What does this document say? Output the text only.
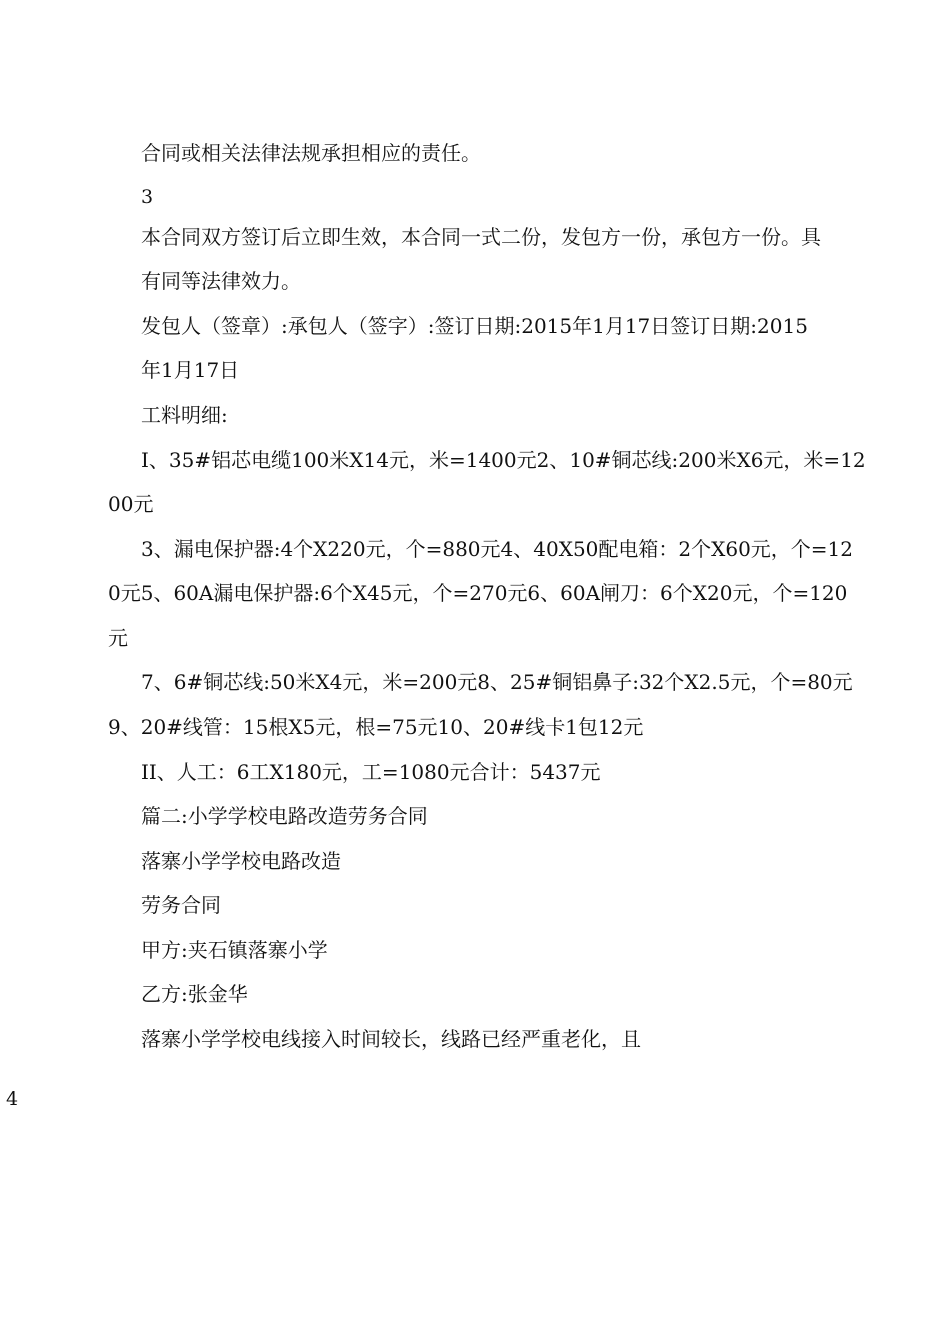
合同或相关法律法规承担相应的责任。

3

本合同双方签订后立即生效，本合同一式二份，发包方一份，承包方一份。具

有同等法律效力。

发包人（签章）:承包人（签字）:签订日期:2015年1月17日签订日期:2015

年1月17日

工料明细:

I、35#铝芯电缆100米X14元，米=1400元2、10#铜芯线:200米X6元，米=12

00元

3、漏电保护器:4个X220元，个=880元4、40X50配电箱：2个X60元，个=12

0元5、60A漏电保护器:6个X45元，个=270元6、60A闸刀：6个X20元，个=120

元

7、6#铜芯线:50米X4元，米=200元8、25#铜铝鼻子:32个X2.5元，个=80元

9、20#线管：15根X5元，根=75元10、20#线卡1包12元

II、人工：6工X180元，工=1080元合计：5437元

篇二:小学学校电路改造劳务合同

落寨小学学校电路改造

劳务合同

甲方:夹石镇落寨小学

乙方:张金华

落寨小学学校电线接入时间较长，线路已经严重老化，且

4
